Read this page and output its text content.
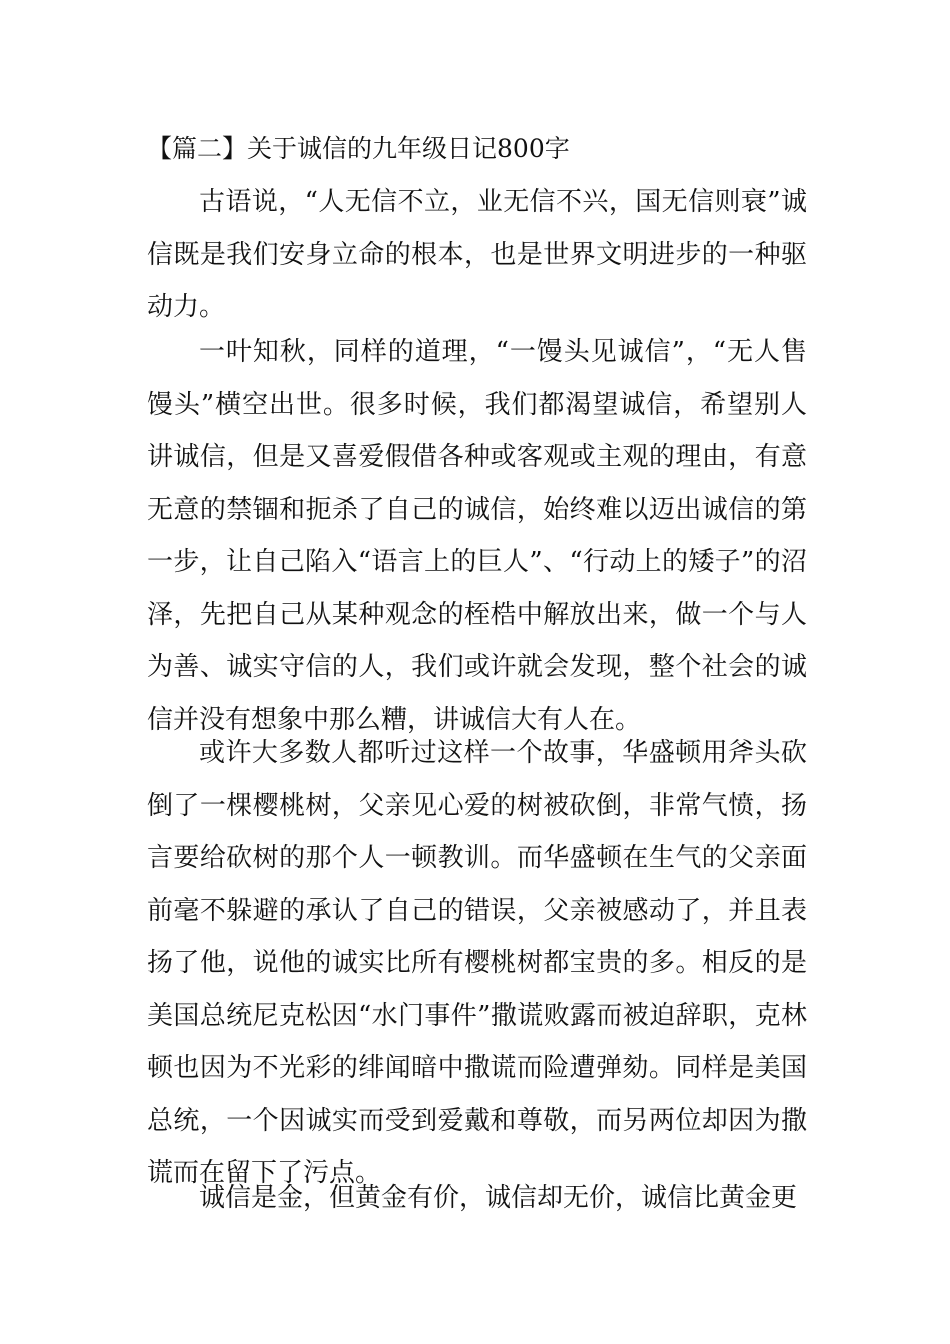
【篇二】关于诚信的九年级日记800字

古语说，“人无信不立，业无信不兴，国无信则衰”诚信既是我们安身立命的根本，也是世界文明进步的一种驱动力。

一叶知秋，同样的道理，“一馒头见诚信”，“无人售馒头”横空出世。很多时候，我们都渴望诚信，希望别人讲诚信，但是又喜爱假借各种或客观或主观的理由，有意无意的禁锢和扼杀了自己的诚信，始终难以迈出诚信的第一步，让自己陷入“语言上的巨人”、“行动上的矮子”的沼泽，先把自己从某种观念的桎梏中解放出来，做一个与人为善、诚实守信的人，我们或许就会发现，整个社会的诚信并没有想象中那么糟，讲诚信大有人在。

或许大多数人都听过这样一个故事，华盛顿用斧头砍倒了一棵樱桃树，父亲见心爱的树被砍倒，非常气愤，扬言要给砍树的那个人一顿教训。而华盛顿在生气的父亲面前毫不躲避的承认了自己的错误，父亲被感动了，并且表扬了他，说他的诚实比所有樱桃树都宝贵的多。相反的是美国总统尼克松因“水门事件”撒谎败露而被迫辞职，克林顿也因为不光彩的绯闻暗中撒谎而险遭弹劾。同样是美国总统，一个因诚实而受到爱戴和尊敬，而另两位却因为撒谎而在留下了污点。

诚信是金，但黄金有价，诚信却无价，诚信比黄金更
